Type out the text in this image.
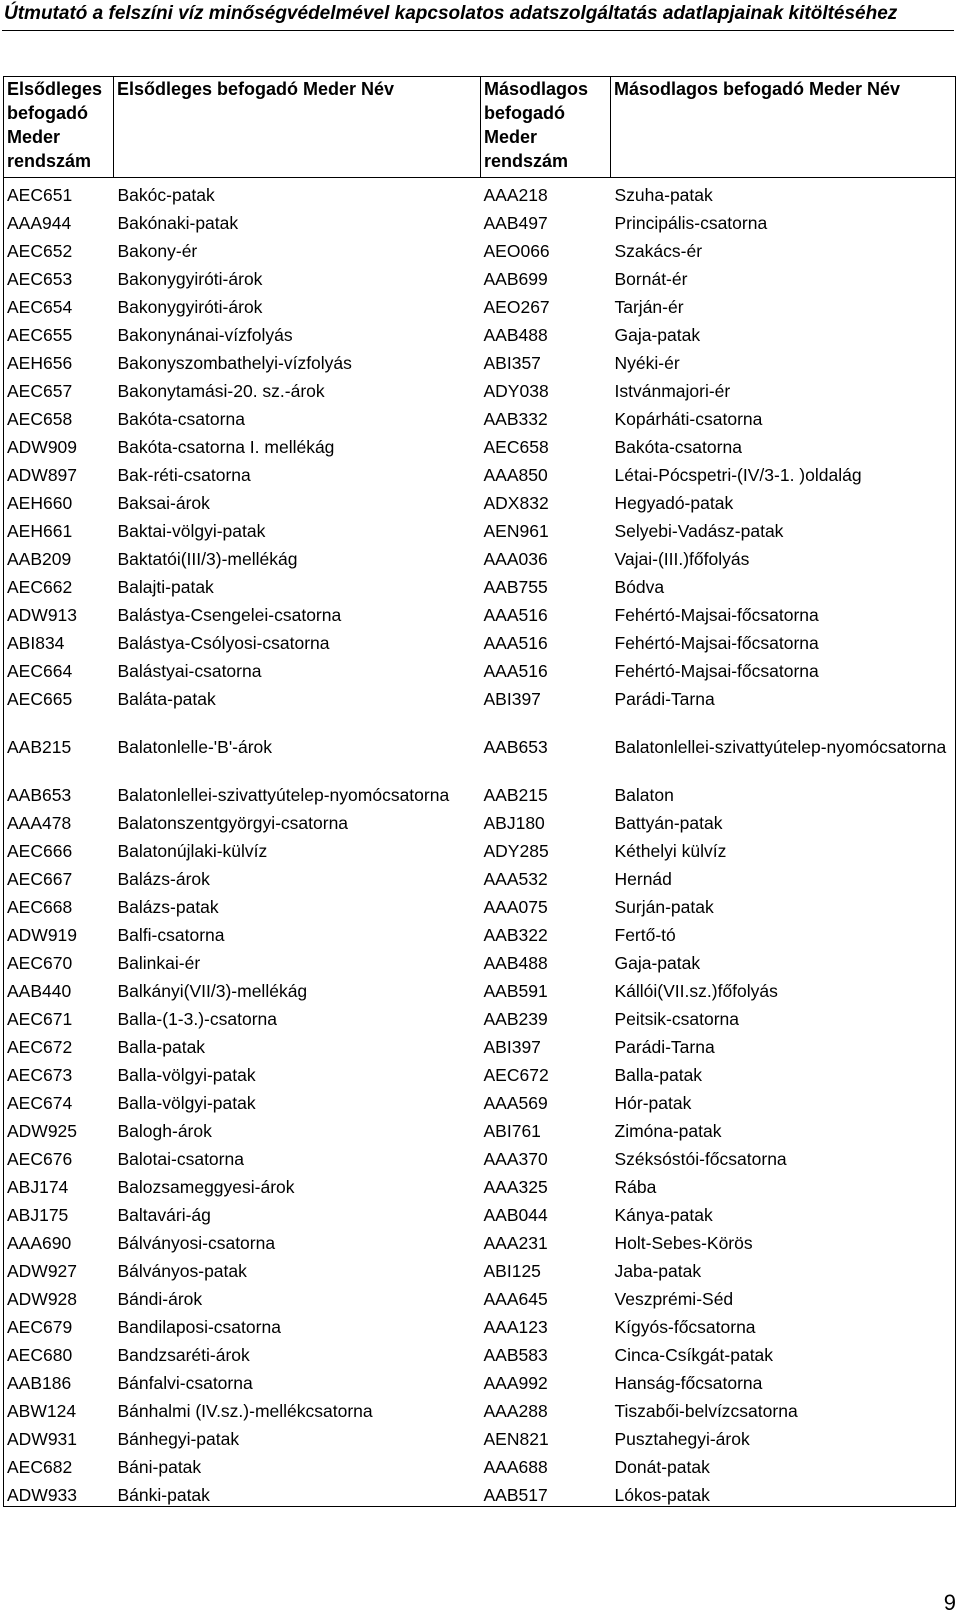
Útmutató a felszíni víz minőségvédelmével kapcsolatos adatszolgáltatás adatlapjainak kitöltéséhez
Elsődleges befogadó Meder rendszám	Elsődleges befogadó Meder Név	Másodlagos befogadó Meder rendszám	Másodlagos befogadó Meder Név
AEC651	Bakóc-patak	AAA218	Szuha-patak
AAA944	Bakónaki-patak	AAB497	Principális-csatorna
AEC652	Bakony-ér	AEO066	Szakács-ér
AEC653	Bakonygyiróti-árok	AAB699	Bornát-ér
AEC654	Bakonygyiróti-árok	AEO267	Tarján-ér
AEC655	Bakonynánai-vízfolyás	AAB488	Gaja-patak
AEH656	Bakonyszombathelyi-vízfolyás	ABI357	Nyéki-ér
AEC657	Bakonytamási-20. sz.-árok	ADY038	Istvánmajori-ér
AEC658	Bakóta-csatorna	AAB332	Kopárháti-csatorna
ADW909	Bakóta-csatorna I. mellékág	AEC658	Bakóta-csatorna
ADW897	Bak-réti-csatorna	AAA850	Létai-Pócspetri-(IV/3-1. )oldalág
AEH660	Baksai-árok	ADX832	Hegyadó-patak
AEH661	Baktai-völgyi-patak	AEN961	Selyebi-Vadász-patak
AAB209	Baktatói(III/3)-mellékág	AAA036	Vajai-(III.)főfolyás
AEC662	Balajti-patak	AAB755	Bódva
ADW913	Balástya-Csengelei-csatorna	AAA516	Fehértó-Majsai-főcsatorna
ABI834	Balástya-Csólyosi-csatorna	AAA516	Fehértó-Majsai-főcsatorna
AEC664	Balástyai-csatorna	AAA516	Fehértó-Majsai-főcsatorna
AEC665	Baláta-patak	ABI397	Parádi-Tarna
AAB215	Balatonlelle-'B'-árok	AAB653	Balatonlellei-szivattyútelep-nyomócsatorna
AAB653	Balatonlellei-szivattyútelep-nyomócsatorna	AAB215	Balaton
AAA478	Balatonszentgyörgyi-csatorna	ABJ180	Battyán-patak
AEC666	Balatonújlaki-külvíz	ADY285	Kéthelyi külvíz
AEC667	Balázs-árok	AAA532	Hernád
AEC668	Balázs-patak	AAA075	Surján-patak
ADW919	Balfi-csatorna	AAB322	Fertő-tó
AEC670	Balinkai-ér	AAB488	Gaja-patak
AAB440	Balkányi(VII/3)-mellékág	AAB591	Kállói(VII.sz.)főfolyás
AEC671	Balla-(1-3.)-csatorna	AAB239	Peitsik-csatorna
AEC672	Balla-patak	ABI397	Parádi-Tarna
AEC673	Balla-völgyi-patak	AEC672	Balla-patak
AEC674	Balla-völgyi-patak	AAA569	Hór-patak
ADW925	Balogh-árok	ABI761	Zimóna-patak
AEC676	Balotai-csatorna	AAA370	Széksóstói-főcsatorna
ABJ174	Balozsameggyesi-árok	AAA325	Rába
ABJ175	Baltavári-ág	AAB044	Kánya-patak
AAA690	Bálványosi-csatorna	AAA231	Holt-Sebes-Körös
ADW927	Bálványos-patak	ABI125	Jaba-patak
ADW928	Bándi-árok	AAA645	Veszprémi-Séd
AEC679	Bandilaposi-csatorna	AAA123	Kígyós-főcsatorna
AEC680	Bandzsaréti-árok	AAB583	Cinca-Csíkgát-patak
AAB186	Bánfalvi-csatorna	AAA992	Hanság-főcsatorna
ABW124	Bánhalmi (IV.sz.)-mellékcsatorna	AAA288	Tiszabői-belvízcsatorna
ADW931	Bánhegyi-patak	AEN821	Pusztahegyi-árok
AEC682	Báni-patak	AAA688	Donát-patak
ADW933	Bánki-patak	AAB517	Lókos-patak
9
